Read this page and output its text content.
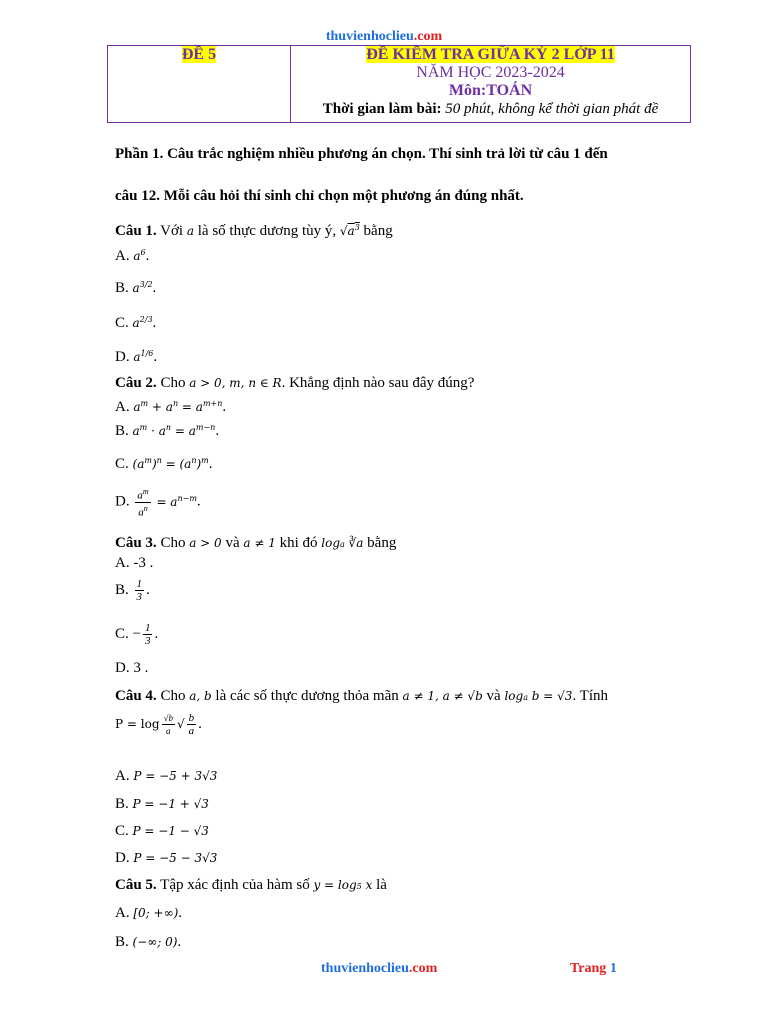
thuvienhoclieu.com
ĐỀ 5	ĐỀ KIỂM TRA GIỮA KỲ 2 LỚP 11
NĂM HỌC 2023-2024
Môn:TOÁN
Thời gian làm bài: 50 phút, không kể thời gian phát đề
Phần 1. Câu trắc nghiệm nhiều phương án chọn. Thí sinh trả lời từ câu 1 đến
câu 12. Mỗi câu hỏi thí sinh chỉ chọn một phương án đúng nhất.
Câu 1. Với a là số thực dương tùy ý, $√a^3$ bằng
A. $a^6$.
B. $a^{3/2}$.
C. $a^{2/3}$.
D. $a^{1/6}$.
Câu 2. Cho a > 0, m, n ∈ R. Khẳng định nào sau đây đúng?
A. $a^m + a^n = a^{m+n}$.
B. $a^m \cdot a^n = a^{m-n}$.
C. $(a^m)^n = (a^n)^m$.
D. $\frac{a^m}{a^n} = a^{n-m}$.
Câu 3. Cho a > 0 và a ≠ 1 khi đó loga ∛a bằng
A. -3 .
B. $\frac{1}{3}$ .
C. − $\frac{1}{3}$ .
D. 3 .
Câu 4. Cho a, b là các số thực dương thỏa mãn a ≠ 1, a ≠ √b và loga b = √3. Tính
$P = \log \frac{√b}{a}$ √ $\frac{b}{a}$ .
A. P = −5 + 3√3
B. P = −1 + √3
C. P = −1 − √3
D. P = −5 − 3√3
Câu 5. Tập xác định của hàm số y = log5 x là
A. [0; +∞).
B. (−∞; 0).
thuvienhoclieu.com	Trang 1
